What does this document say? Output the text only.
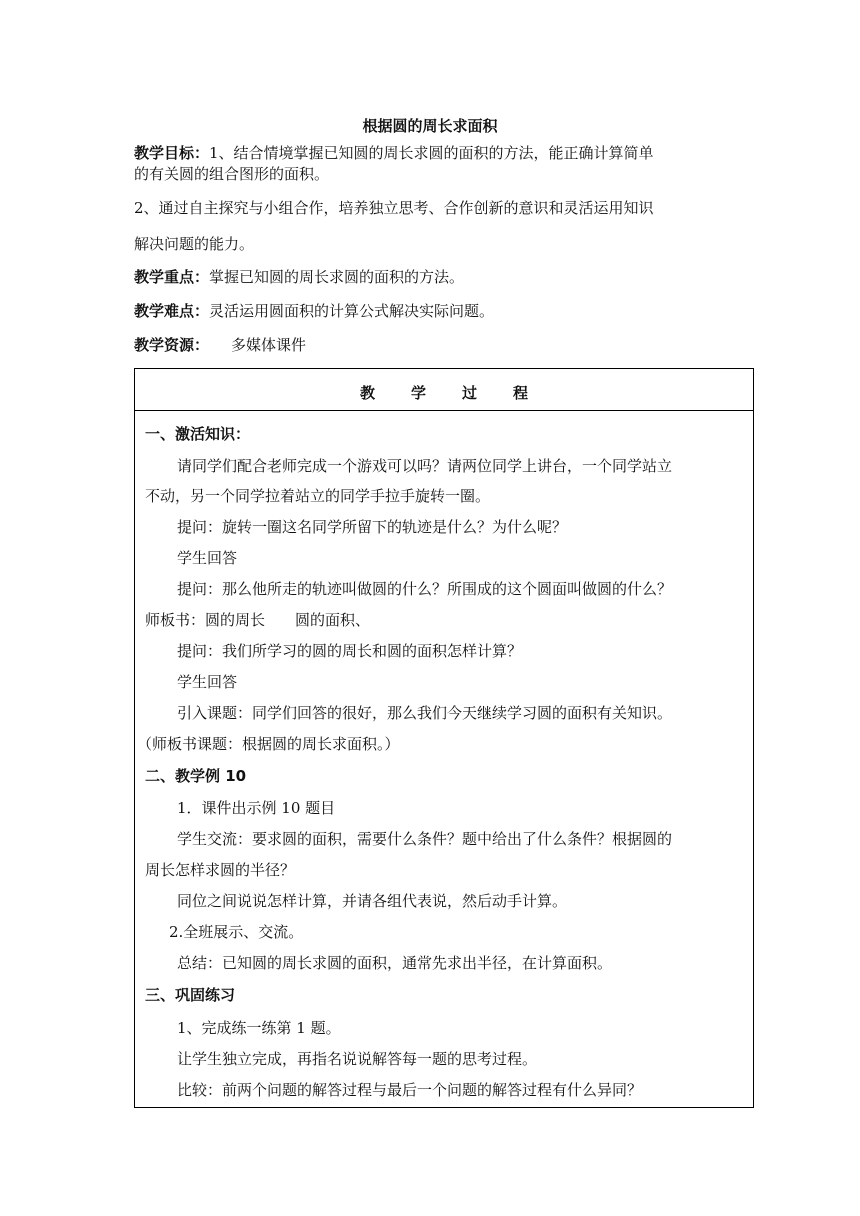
根据圆的周长求面积
教学目标：1、结合情境掌握已知圆的周长求圆的面积的方法，能正确计算简单
的有关圆的组合图形的面积。
2、通过自主探究与小组合作，培养独立思考、合作创新的意识和灵活运用知识
解决问题的能力。
教学重点：掌握已知圆的周长求圆的面积的方法。
教学难点：灵活运用圆面积的计算公式解决实际问题。
教学资源： 多媒体课件
教 学 过 程
一、激活知识：
请同学们配合老师完成一个游戏可以吗？请两位同学上讲台，一个同学站立
不动，另一个同学拉着站立的同学手拉手旋转一圈。
提问：旋转一圈这名同学所留下的轨迹是什么？为什么呢？
学生回答
提问：那么他所走的轨迹叫做圆的什么？所围成的这个圆面叫做圆的什么？
师板书：圆的周长 圆的面积、
提问：我们所学习的圆的周长和圆的面积怎样计算？
学生回答
引入课题：同学们回答的很好，那么我们今天继续学习圆的面积有关知识。
（师板书课题：根据圆的周长求面积。）
二、教学例 10
1．课件出示例 10 题目
学生交流：要求圆的面积，需要什么条件？题中给出了什么条件？根据圆的
周长怎样求圆的半径？
同位之间说说怎样计算，并请各组代表说，然后动手计算。
2.全班展示、交流。
总结：已知圆的周长求圆的面积，通常先求出半径，在计算面积。
三、巩固练习
1、完成练一练第 1 题。
让学生独立完成，再指名说说解答每一题的思考过程。
比较：前两个问题的解答过程与最后一个问题的解答过程有什么异同？
